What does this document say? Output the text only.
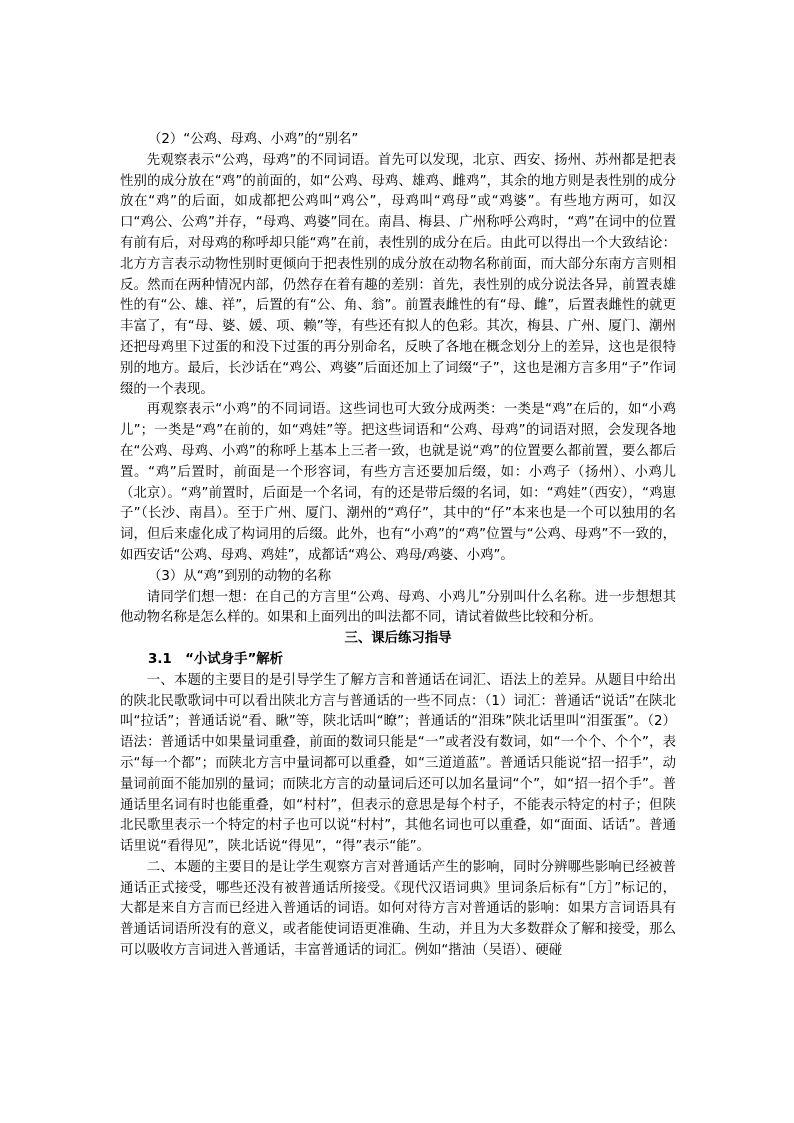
（2）“公鸡、母鸡、小鸡”的“别名”

先观察表示“公鸡，母鸡”的不同词语。首先可以发现，北京、西安、扬州、苏州都是把表性别的成分放在“鸡”的前面的，如“公鸡、母鸡、雄鸡、雌鸡”，其余的地方则是表性别的成分放在“鸡”的后面，如成都把公鸡叫“鸡公”，母鸡叫“鸡母”或“鸡婆”。有些地方两可，如汉口“鸡公、公鸡”并存，“母鸡、鸡婆”同在。南昌、梅县、广州称呼公鸡时，“鸡”在词中的位置有前有后，对母鸡的称呼却只能“鸡”在前，表性别的成分在后。由此可以得出一个大致结论：北方方言表示动物性别时更倾向于把表性别的成分放在动物名称前面，而大部分东南方言则相反。然而在两种情况内部，仍然存在着有趣的差别：首先，表性别的成分说法各异，前置表雄性的有“公、雄、祥”，后置的有“公、角、翁”。前置表雌性的有“母、雌”，后置表雌性的就更丰富了，有“母、婆、媛、项、赖”等，有些还有拟人的色彩。其次，梅县、广州、厦门、潮州还把母鸡里下过蛋的和没下过蛋的再分别命名，反映了各地在概念划分上的差异，这也是很特别的地方。最后，长沙话在“鸡公、鸡婆”后面还加上了词缀“子”，这也是湘方言多用“子”作词缀的一个表现。

再观察表示“小鸡”的不同词语。这些词也可大致分成两类：一类是“鸡”在后的，如“小鸡儿”；一类是“鸡”在前的，如“鸡娃”等。把这些词语和“公鸡、母鸡”的词语对照，会发现各地在“公鸡、母鸡、小鸡”的称呼上基本上三者一致，也就是说“鸡”的位置要么都前置，要么都后置。“鸡”后置时，前面是一个形容词，有些方言还要加后缀，如：小鸡子（扬州）、小鸡儿（北京）。“鸡”前置时，后面是一个名词，有的还是带后缀的名词，如：“鸡娃”（西安），“鸡崽子”（长沙、南昌）。至于广州、厦门、潮州的“鸡仔”，其中的“仔”本来也是一个可以独用的名词，但后来虚化成了构词用的后缀。此外，也有“小鸡”的“鸡”位置与“公鸡、母鸡”不一致的，如西安话“公鸡、母鸡、鸡娃”，成都话“鸡公、鸡母/鸡婆、小鸡”。

（3）从“鸡”到别的动物的名称

请同学们想一想：在自己的方言里“公鸡、母鸡、小鸡儿”分别叫什么名称。进一步想想其他动物名称是怎么样的。如果和上面列出的叫法都不同，请试着做些比较和分析。

三、课后练习指导

3.1　“小试身手”解析

一、本题的主要目的是引导学生了解方言和普通话在词汇、语法上的差异。从题目中给出的陕北民歌歌词中可以看出陕北方言与普通话的一些不同点：（1）词汇：普通话“说话”在陕北叫“拉话”；普通话说“看、瞅”等，陕北话叫“瞭”；普通话的“泪珠”陕北话里叫“泪蛋蛋”。（2）语法：普通话中如果量词重叠，前面的数词只能是“一”或者没有数词，如“一个个、个个”，表示“每一个都”；而陕北方言中量词都可以重叠，如“三道道蓝”。普通话只能说“招一招手”，动量词前面不能加别的量词；而陕北方言的动量词后还可以加名量词“个”，如“招一招个手”。普通话里名词有时也能重叠，如“村村”，但表示的意思是每个村子，不能表示特定的村子；但陕北民歌里表示一个特定的村子也可以说“村村”，其他名词也可以重叠，如“面面、话话”。普通话里说“看得见”，陕北话说“得见”，“得”表示“能”。

二、本题的主要目的是让学生观察方言对普通话产生的影响，同时分辨哪些影响已经被普通话正式接受，哪些还没有被普通话所接受。《现代汉语词典》里词条后标有“［方］”标记的，大都是来自方言而已经进入普通话的词语。如何对待方言对普通话的影响：如果方言词语具有普通话词语所没有的意义，或者能使词语更准确、生动，并且为大多数群众了解和接受，那么可以吸收方言词进入普通话，丰富普通话的词汇。例如“揩油（吴语）、硬碰
